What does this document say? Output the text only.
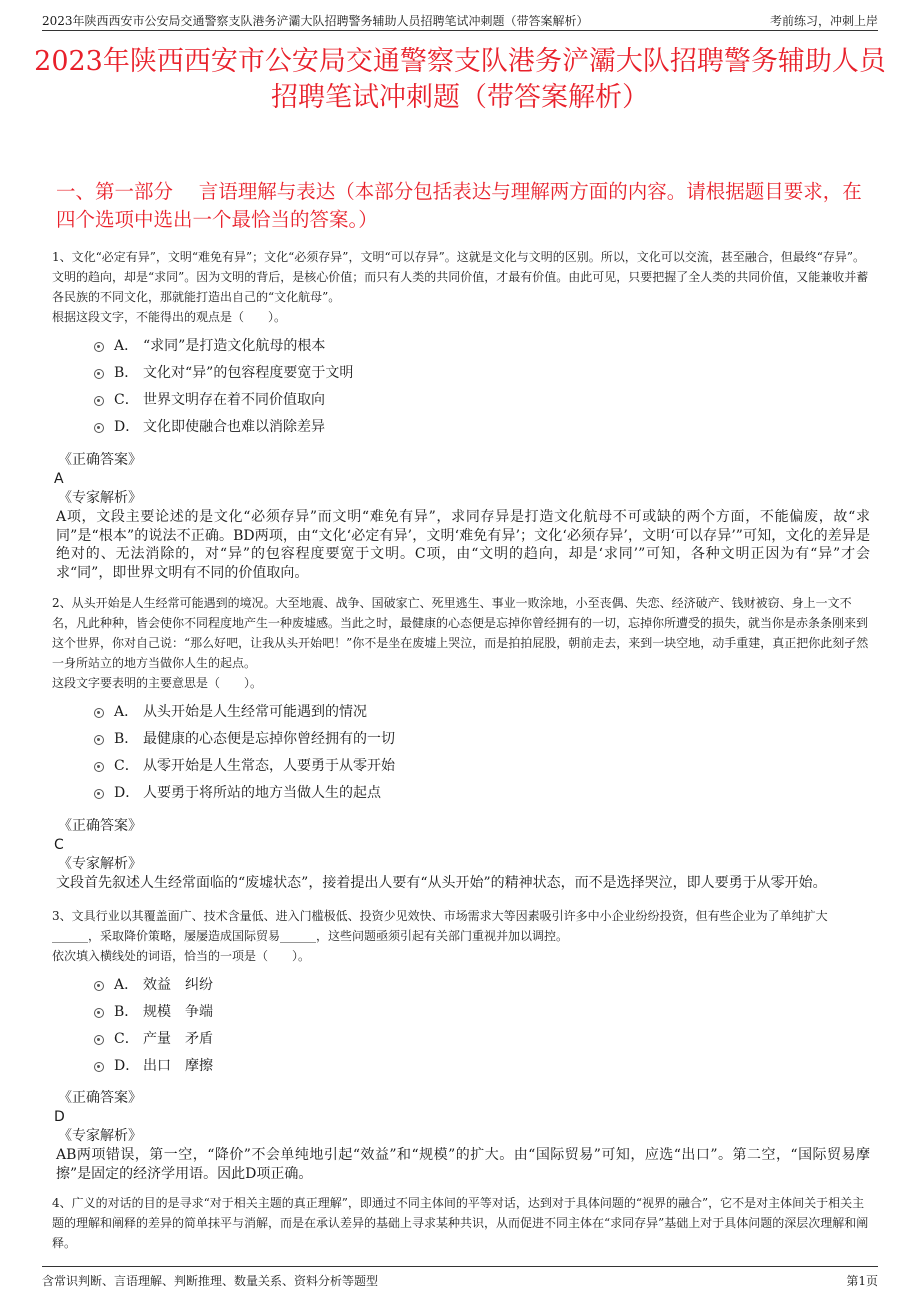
2023年陕西西安市公安局交通警察支队港务浐灞大队招聘警务辅助人员招聘笔试冲刺题（带答案解析）	考前练习，冲刺上岸
2023年陕西西安市公安局交通警察支队港务浐灞大队招聘警务辅助人员招聘笔试冲刺题（带答案解析）
一、第一部分　 言语理解与表达（本部分包括表达与理解两方面的内容。请根据题目要求，在四个选项中选出一个最恰当的答案。）
1、文化“必定有异”，文明“难免有异”；文化“必须存异”，文明“可以存异”。这就是文化与文明的区别。所以，文化可以交流，甚至融合，但最终“存异”。文明的趋向，却是“求同”。因为文明的背后，是核心价值；而只有人类的共同价值，才最有价值。由此可见，只要把握了全人类的共同价值，又能兼收并蓄各民族的不同文化，那就能打造出自己的“文化航母”。
根据这段文字，不能得出的观点是（　　）。
A． “求同”是打造文化航母的根本
B． 文化对“异”的包容程度要宽于文明
C． 世界文明存在着不同价值取向
D． 文化即使融合也难以消除差异
《正确答案》
A
《专家解析》
A项，文段主要论述的是文化“必须存异”而文明“难免有异”，求同存异是打造文化航母不可或缺的两个方面，不能偏废，故“求同”是“根本”的说法不正确。BD两项，由“文化‘必定有异’，文明‘难免有异’；文化‘必须存异’，文明‘可以存异’”可知，文化的差异是绝对的、无法消除的，对“异”的包容程度要宽于文明。C项，由“文明的趋向，却是‘求同’”可知，各种文明正因为有“异”才会求“同”，即世界文明有不同的价值取向。
2、从头开始是人生经常可能遇到的境况。大至地震、战争、国破家亡、死里逃生、事业一败涂地，小至丧偶、失恋、经济破产、钱财被窃、身上一文不名，凡此种种，皆会使你不同程度地产生一种废墟感。当此之时，最健康的心态便是忘掉你曾经拥有的一切，忘掉你所遭受的损失，就当你是赤条条刚来到这个世界，你对自己说：“那么好吧，让我从头开始吧！”你不是坐在废墟上哭泣，而是拍拍屁股，朝前走去，来到一块空地，动手重建，真正把你此刻孑然一身所站立的地方当做你人生的起点。
这段文字要表明的主要意思是（　　）。
A． 从头开始是人生经常可能遇到的情况
B． 最健康的心态便是忘掉你曾经拥有的一切
C． 从零开始是人生常态，人要勇于从零开始
D． 人要勇于将所站的地方当做人生的起点
《正确答案》
C
《专家解析》
文段首先叙述人生经常面临的“废墟状态”，接着提出人要有“从头开始”的精神状态，而不是选择哭泣，即人要勇于从零开始。
3、文具行业以其覆盖面广、技术含量低、进入门槛极低、投资少见效快、市场需求大等因素吸引许多中小企业纷纷投资，但有些企业为了单纯扩大______，采取降价策略，屡屡造成国际贸易______，这些问题亟须引起有关部门重视并加以调控。
依次填入横线处的词语，恰当的一项是（　　）。
A． 效益　纠纷
B． 规模　争端
C． 产量　矛盾
D． 出口　摩擦
《正确答案》
D
《专家解析》
AB两项错误，第一空，“降价”不会单纯地引起“效益”和“规模”的扩大。由“国际贸易”可知，应选“出口”。第二空，“国际贸易摩擦”是固定的经济学用语。因此D项正确。
4、广义的对话的目的是寻求“对于相关主题的真正理解”，即通过不同主体间的平等对话，达到对于具体问题的“视界的融合”，它不是对主体间关于相关主题的理解和阐释的差异的简单抹平与消解，而是在承认差异的基础上寻求某种共识，从而促进不同主体在“求同存异”基础上对于具体问题的深层次理解和阐释。
含常识判断、言语理解、判断推理、数量关系、资料分析等题型	第1页
